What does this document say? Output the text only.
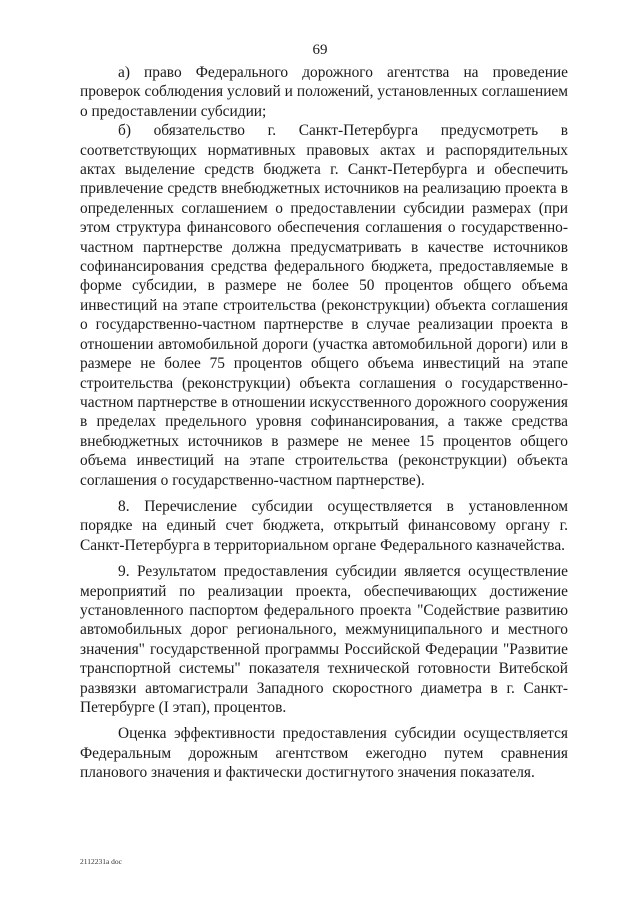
69

а) право Федерального дорожного агентства на проведение проверок соблюдения условий и положений, установленных соглашением о предоставлении субсидии;

б) обязательство г. Санкт-Петербурга предусмотреть в соответствующих нормативных правовых актах и распорядительных актах выделение средств бюджета г. Санкт-Петербурга и обеспечить привлечение средств внебюджетных источников на реализацию проекта в определенных соглашением о предоставлении субсидии размерах (при этом структура финансового обеспечения соглашения о государственно-частном партнерстве должна предусматривать в качестве источников софинансирования средства федерального бюджета, предоставляемые в форме субсидии, в размере не более 50 процентов общего объема инвестиций на этапе строительства (реконструкции) объекта соглашения о государственно-частном партнерстве в случае реализации проекта в отношении автомобильной дороги (участка автомобильной дороги) или в размере не более 75 процентов общего объема инвестиций на этапе строительства (реконструкции) объекта соглашения о государственно-частном партнерстве в отношении искусственного дорожного сооружения в пределах предельного уровня софинансирования, а также средства внебюджетных источников в размере не менее 15 процентов общего объема инвестиций на этапе строительства (реконструкции) объекта соглашения о государственно-частном партнерстве).

8. Перечисление субсидии осуществляется в установленном порядке на единый счет бюджета, открытый финансовому органу г. Санкт-Петербурга в территориальном органе Федерального казначейства.

9. Результатом предоставления субсидии является осуществление мероприятий по реализации проекта, обеспечивающих достижение установленного паспортом федерального проекта "Содействие развитию автомобильных дорог регионального, межмуниципального и местного значения" государственной программы Российской Федерации "Развитие транспортной системы" показателя технической готовности Витебской развязки автомагистрали Западного скоростного диаметра в г. Санкт-Петербурге (I этап), процентов.

Оценка эффективности предоставления субсидии осуществляется Федеральным дорожным агентством ежегодно путем сравнения планового значения и фактически достигнутого значения показателя.

2112231a doc
